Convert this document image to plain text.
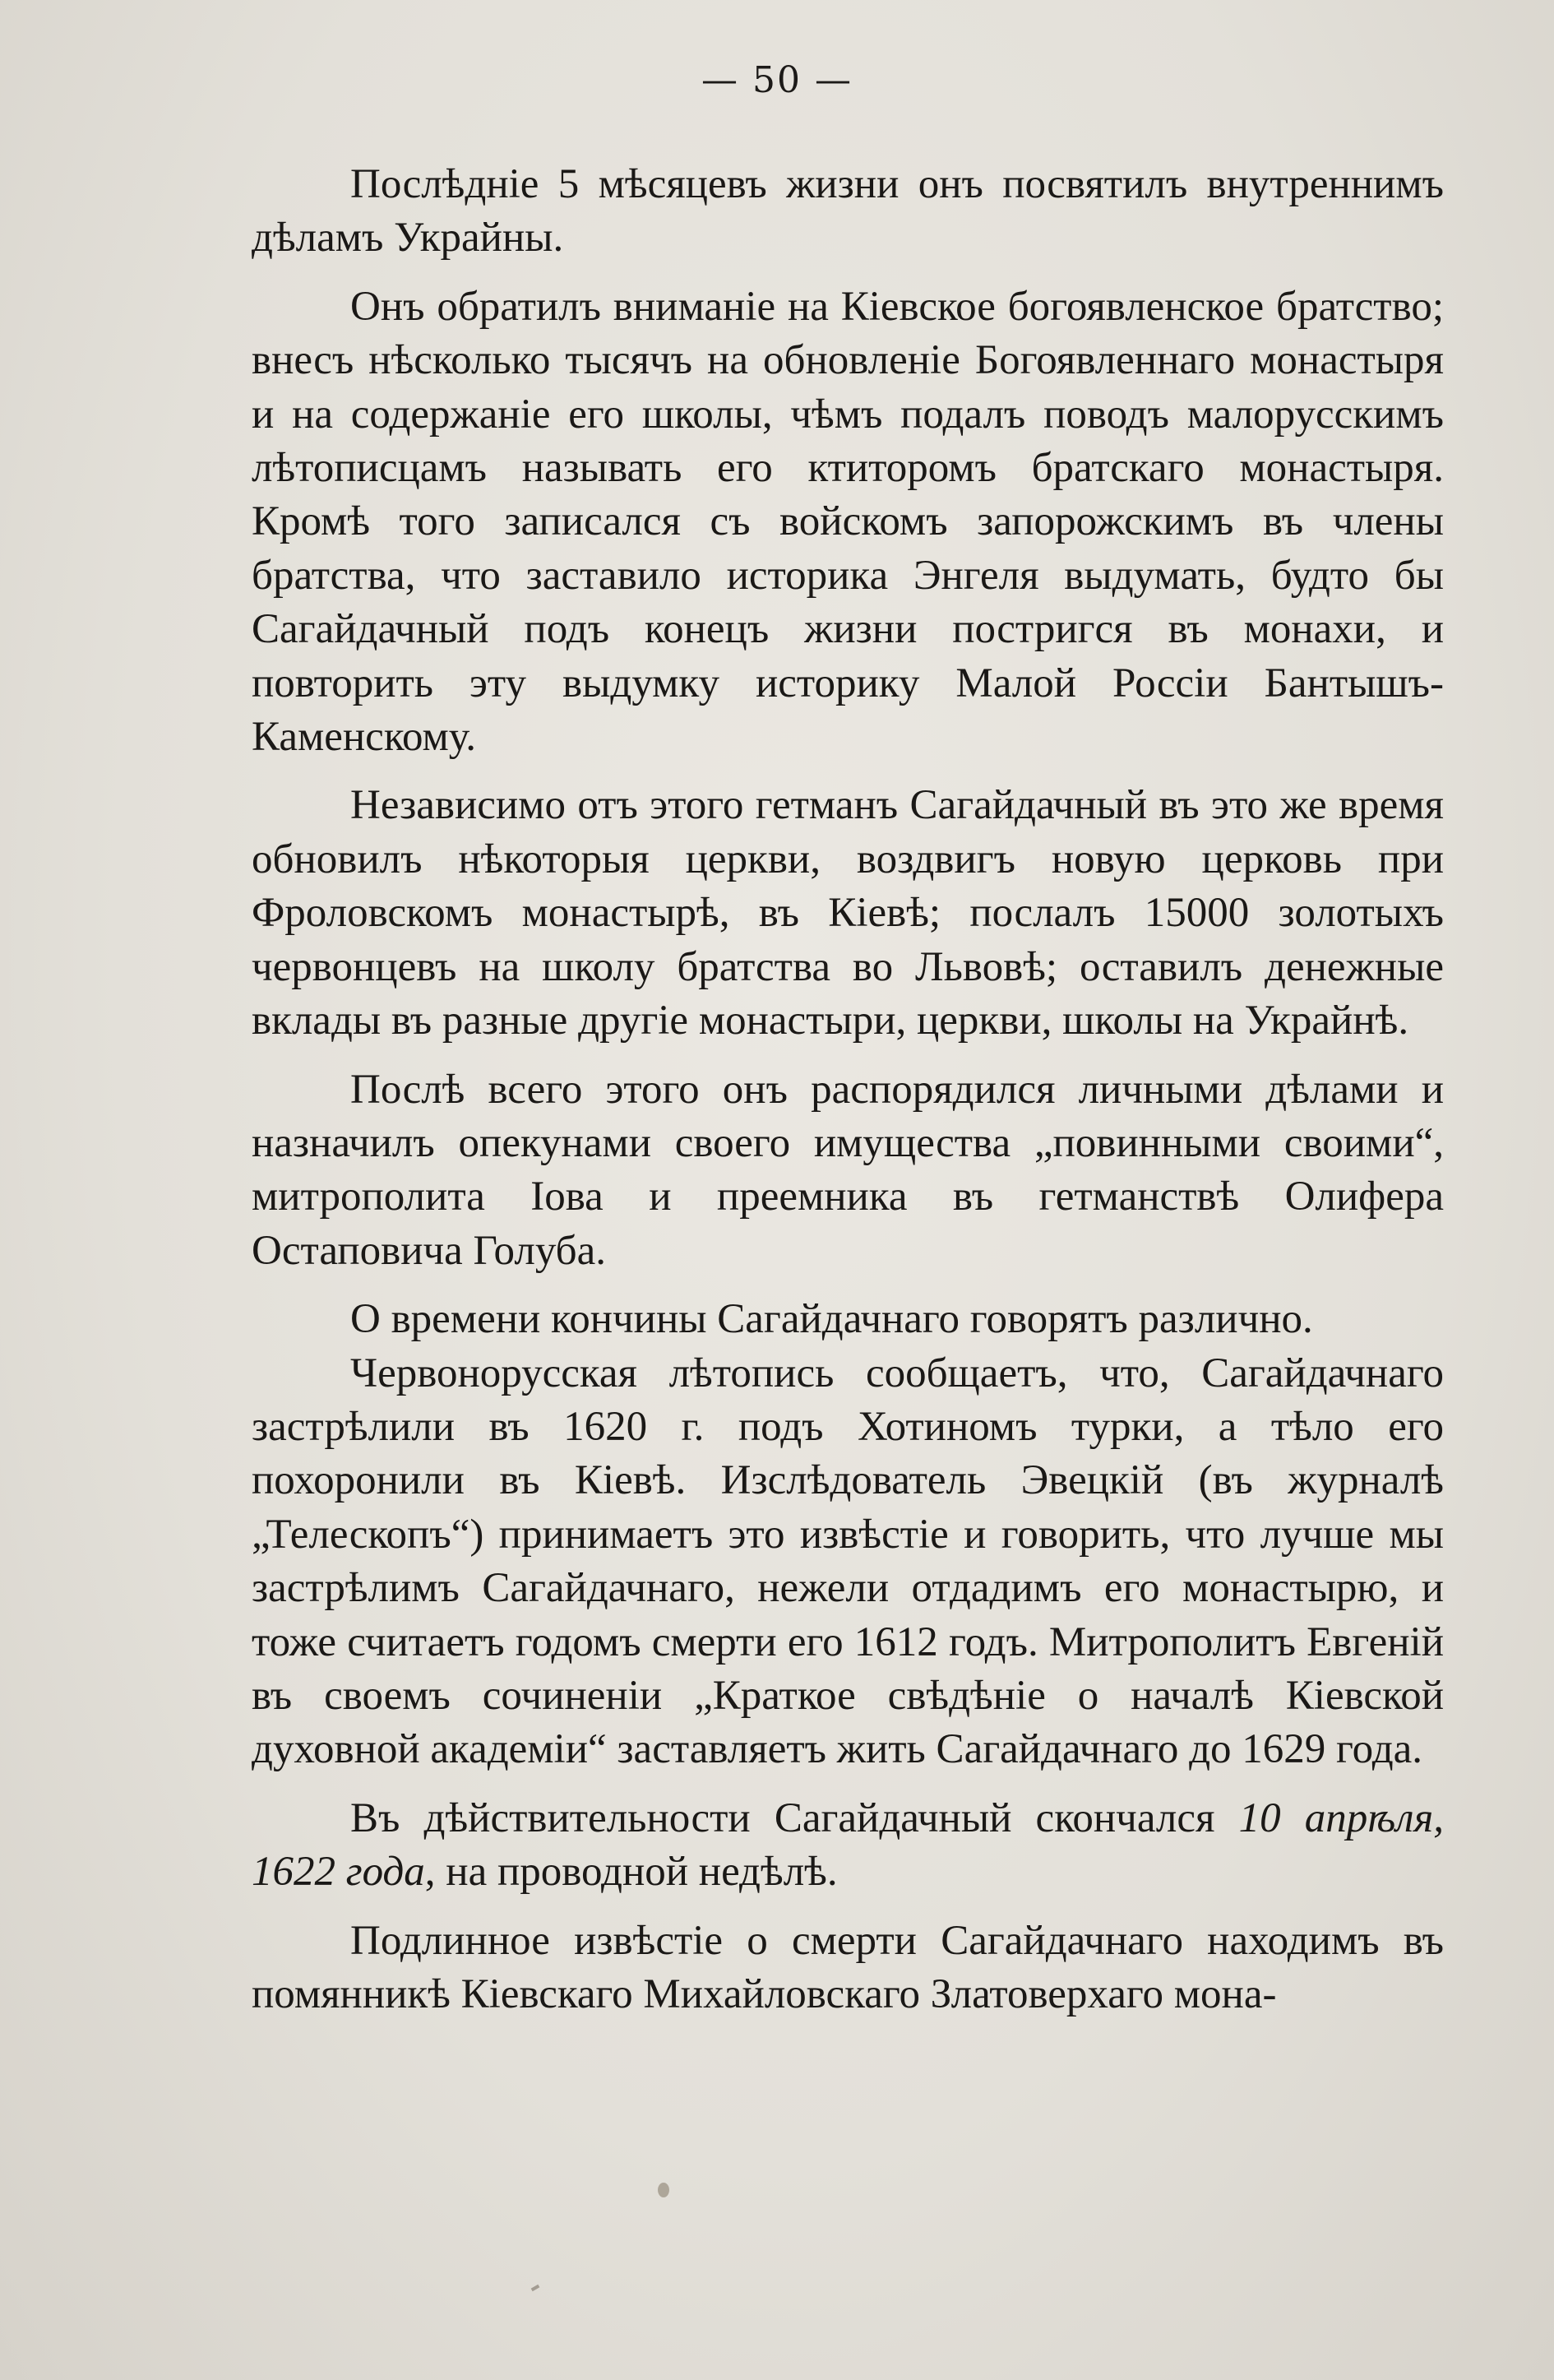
— 50 —

Послѣдніе 5 мѣсяцевъ жизни онъ посвятилъ внутреннимъ дѣламъ Украйны.

Онъ обратилъ вниманіе на Кіевское богоявленское братство; внесъ нѣсколько тысячъ на обновленіе Богоявленнаго монастыря и на содержаніе его школы, чѣмъ подалъ поводъ малорусскимъ лѣтописцамъ называть его ктиторомъ братскаго монастыря. Кромѣ того записался съ войскомъ запорожскимъ въ члены братства, что заставило историка Энгеля выдумать, будто бы Сагайдачный подъ конецъ жизни постригся въ монахи, и повторить эту выдумку историку Малой Россіи Бантышъ-Каменскому.

Независимо отъ этого гетманъ Сагайдачный въ это же время обновилъ нѣкоторыя церкви, воздвигъ новую церковь при Фроловскомъ монастырѣ, въ Кіевѣ; послалъ 15000 золотыхъ червонцевъ на школу братства во Львовѣ; оставилъ денежные вклады въ разные другіе монастыри, церкви, школы на Украйнѣ.

Послѣ всего этого онъ распорядился личными дѣлами и назначилъ опекунами своего имущества „повинными своими“, митрополита Іова и преемника въ гетманствѣ Олифера Остаповича Голуба.

О времени кончины Сагайдачнаго говорятъ различно.

Червонорусская лѣтопись сообщаетъ, что, Сагайдачнаго застрѣлили въ 1620 г. подъ Хотиномъ турки, а тѣло его похоронили въ Кіевѣ. Изслѣдователь Эвецкій (въ журналѣ „Телескопъ“) принимаетъ это извѣстіе и говорить, что лучше мы застрѣлимъ Сагайдачнаго, нежели отдадимъ его монастырю, и тоже считаетъ годомъ смерти его 1612 годъ. Митрополитъ Евгеній въ своемъ сочиненіи „Краткое свѣдѣніе о началѣ Кіевской духовной академіи“ заставляетъ жить Сагайдачнаго до 1629 года.

Въ дѣйствительности Сагайдачный скончался 10 апрѣля, 1622 года, на проводной недѣлѣ.

Подлинное извѣстіе о смерти Сагайдачнаго находимъ въ помянникѣ Кіевскаго Михайловскаго Златоверхаго мона-
